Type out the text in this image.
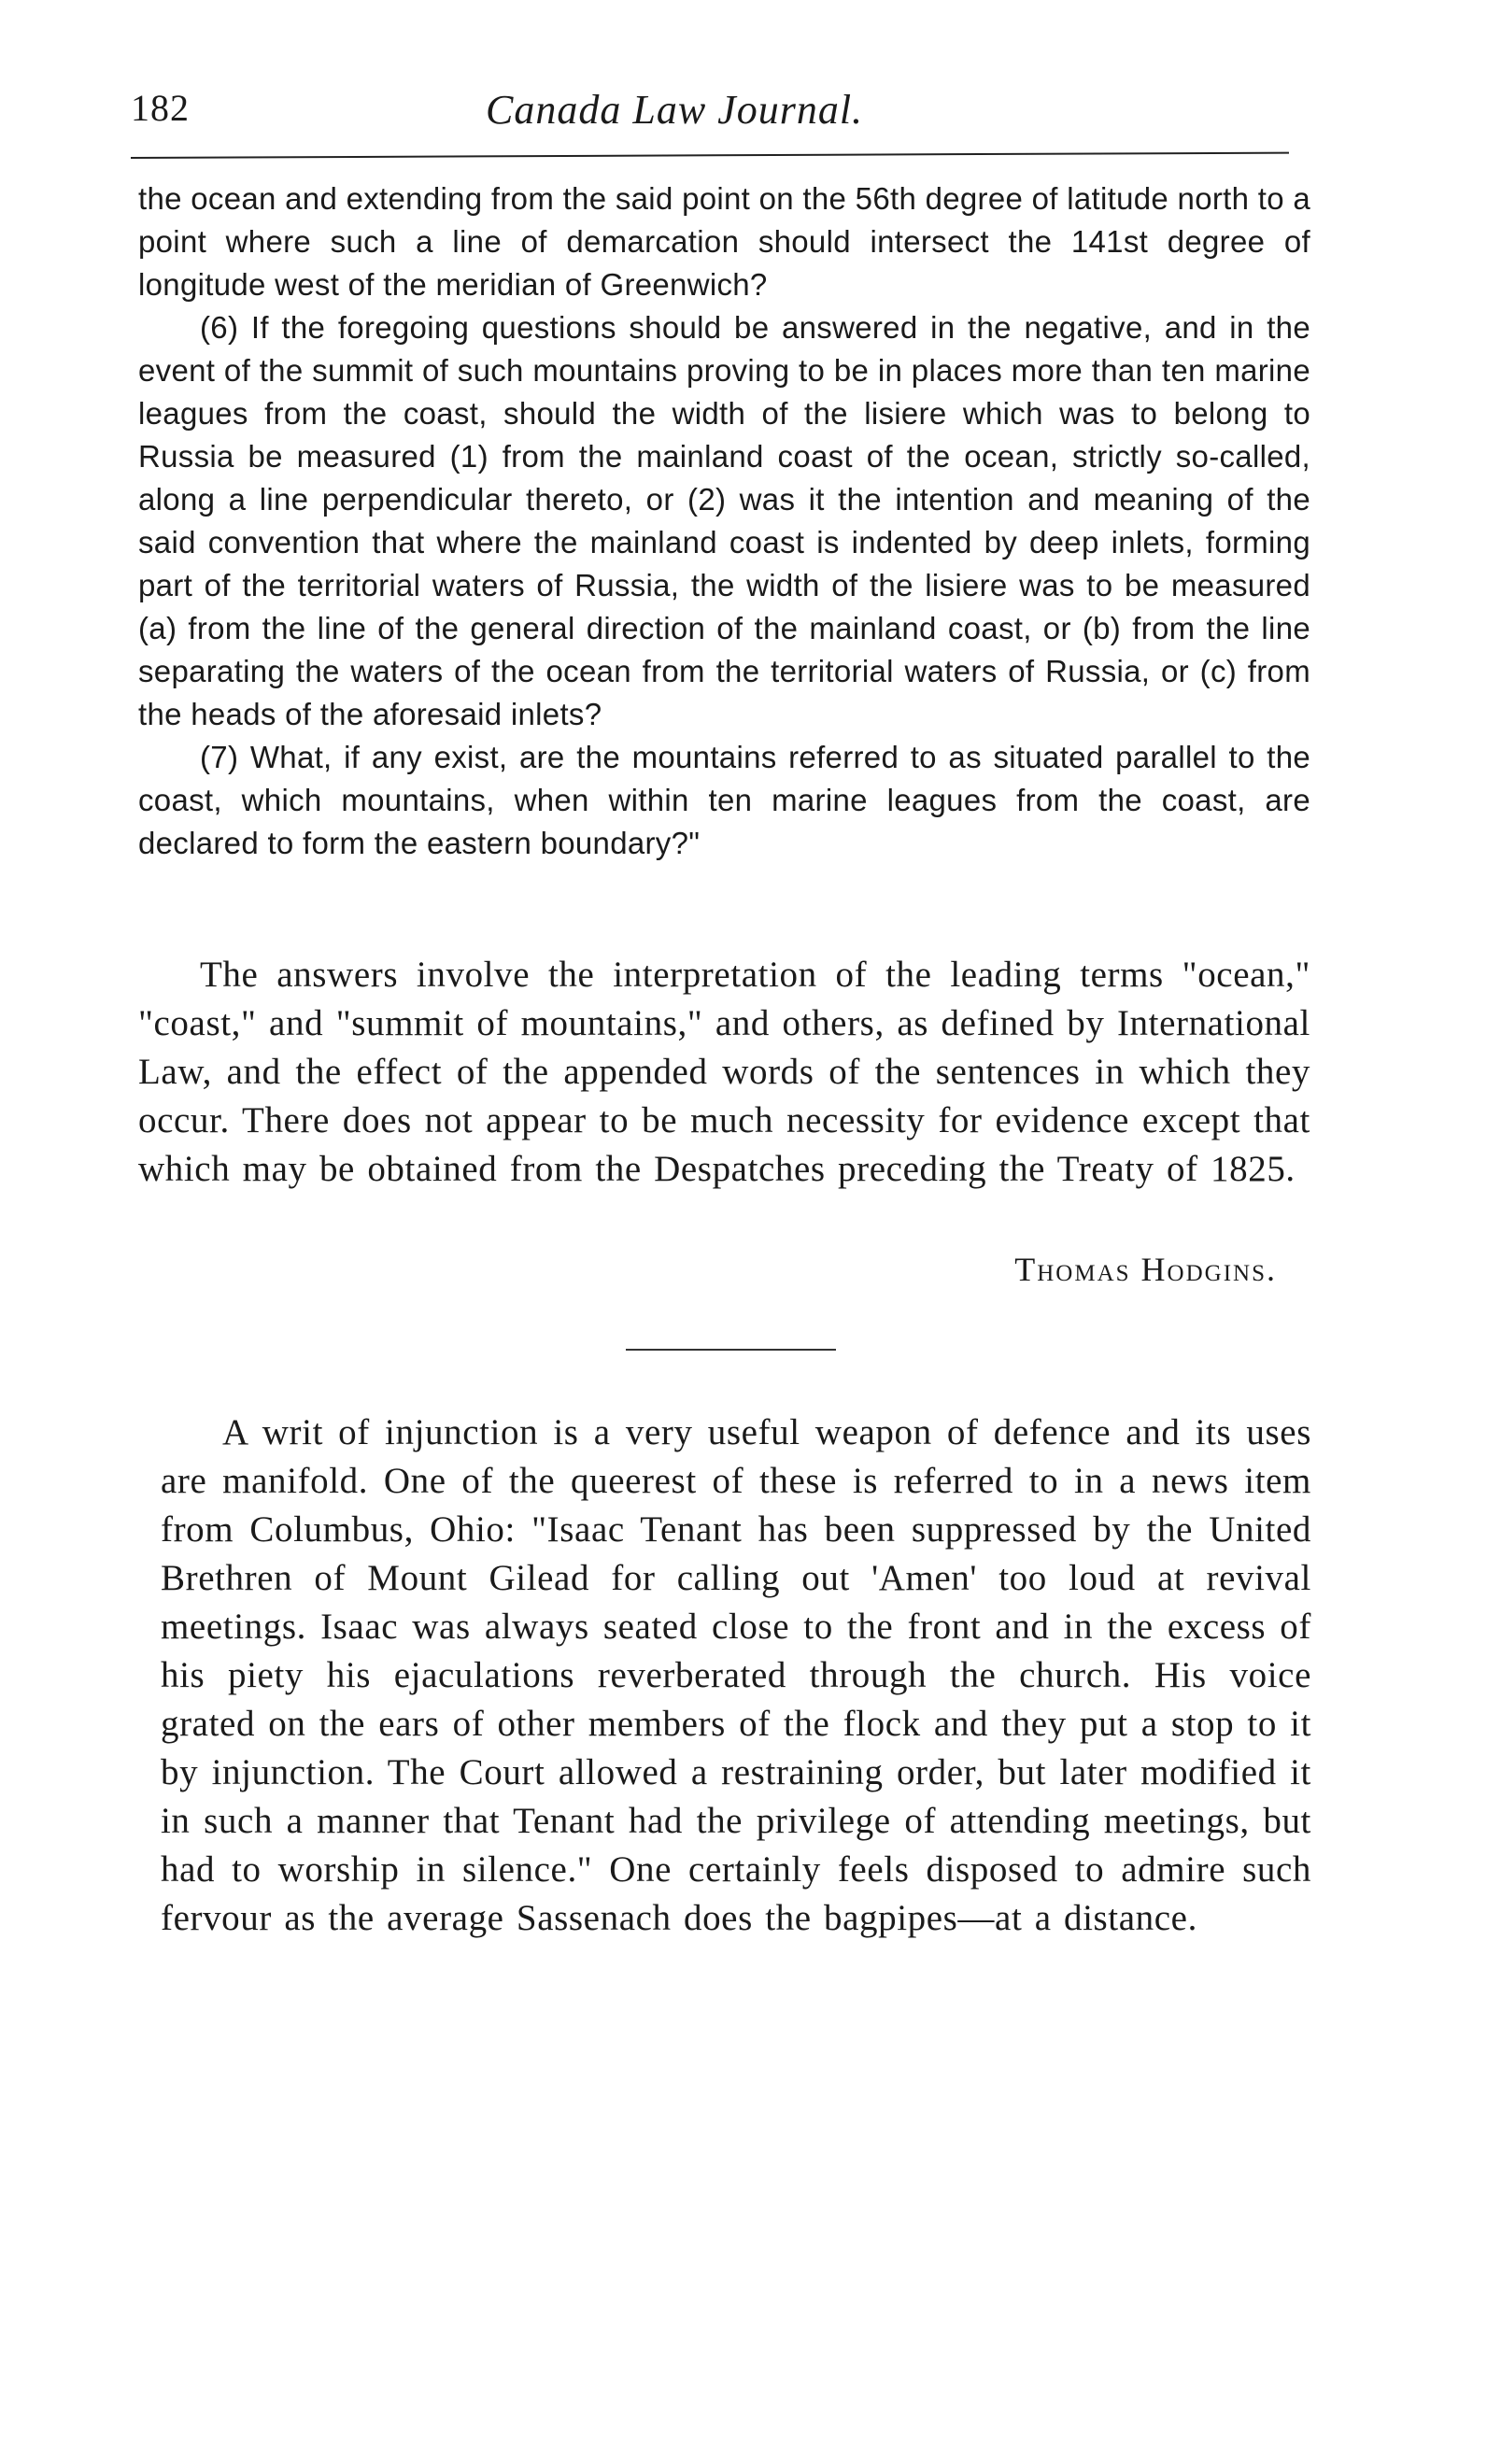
182	Canada Law Journal.

the ocean and extending from the said point on the 56th degree of latitude north to a point where such a line of demarcation should intersect the 141st degree of longitude west of the meridian of Greenwich?

(6) If the foregoing questions should be answered in the negative, and in the event of the summit of such mountains proving to be in places more than ten marine leagues from the coast, should the width of the lisiere which was to belong to Russia be measured (1) from the mainland coast of the ocean, strictly so-called, along a line perpendicular thereto, or (2) was it the intention and meaning of the said convention that where the mainland coast is indented by deep inlets, forming part of the territorial waters of Russia, the width of the lisiere was to be measured (a) from the line of the general direction of the mainland coast, or (b) from the line separating the waters of the ocean from the territorial waters of Russia, or (c) from the heads of the aforesaid inlets?

(7) What, if any exist, are the mountains referred to as situated parallel to the coast, which mountains, when within ten marine leagues from the coast, are declared to form the eastern boundary?"

The answers involve the interpretation of the leading terms "ocean," "coast," and "summit of mountains," and others, as defined by International Law, and the effect of the appended words of the sentences in which they occur. There does not appear to be much necessity for evidence except that which may be obtained from the Despatches preceding the Treaty of 1825.

Thomas Hodgins.

A writ of injunction is a very useful weapon of defence and its uses are manifold. One of the queerest of these is referred to in a news item from Columbus, Ohio: "Isaac Tenant has been suppressed by the United Brethren of Mount Gilead for calling out 'Amen' too loud at revival meetings. Isaac was always seated close to the front and in the excess of his piety his ejaculations reverberated through the church. His voice grated on the ears of other members of the flock and they put a stop to it by injunction. The Court allowed a restraining order, but later modified it in such a manner that Tenant had the privilege of attending meetings, but had to worship in silence." One certainly feels disposed to admire such fervour as the average Sassenach does the bagpipes—at a distance.
